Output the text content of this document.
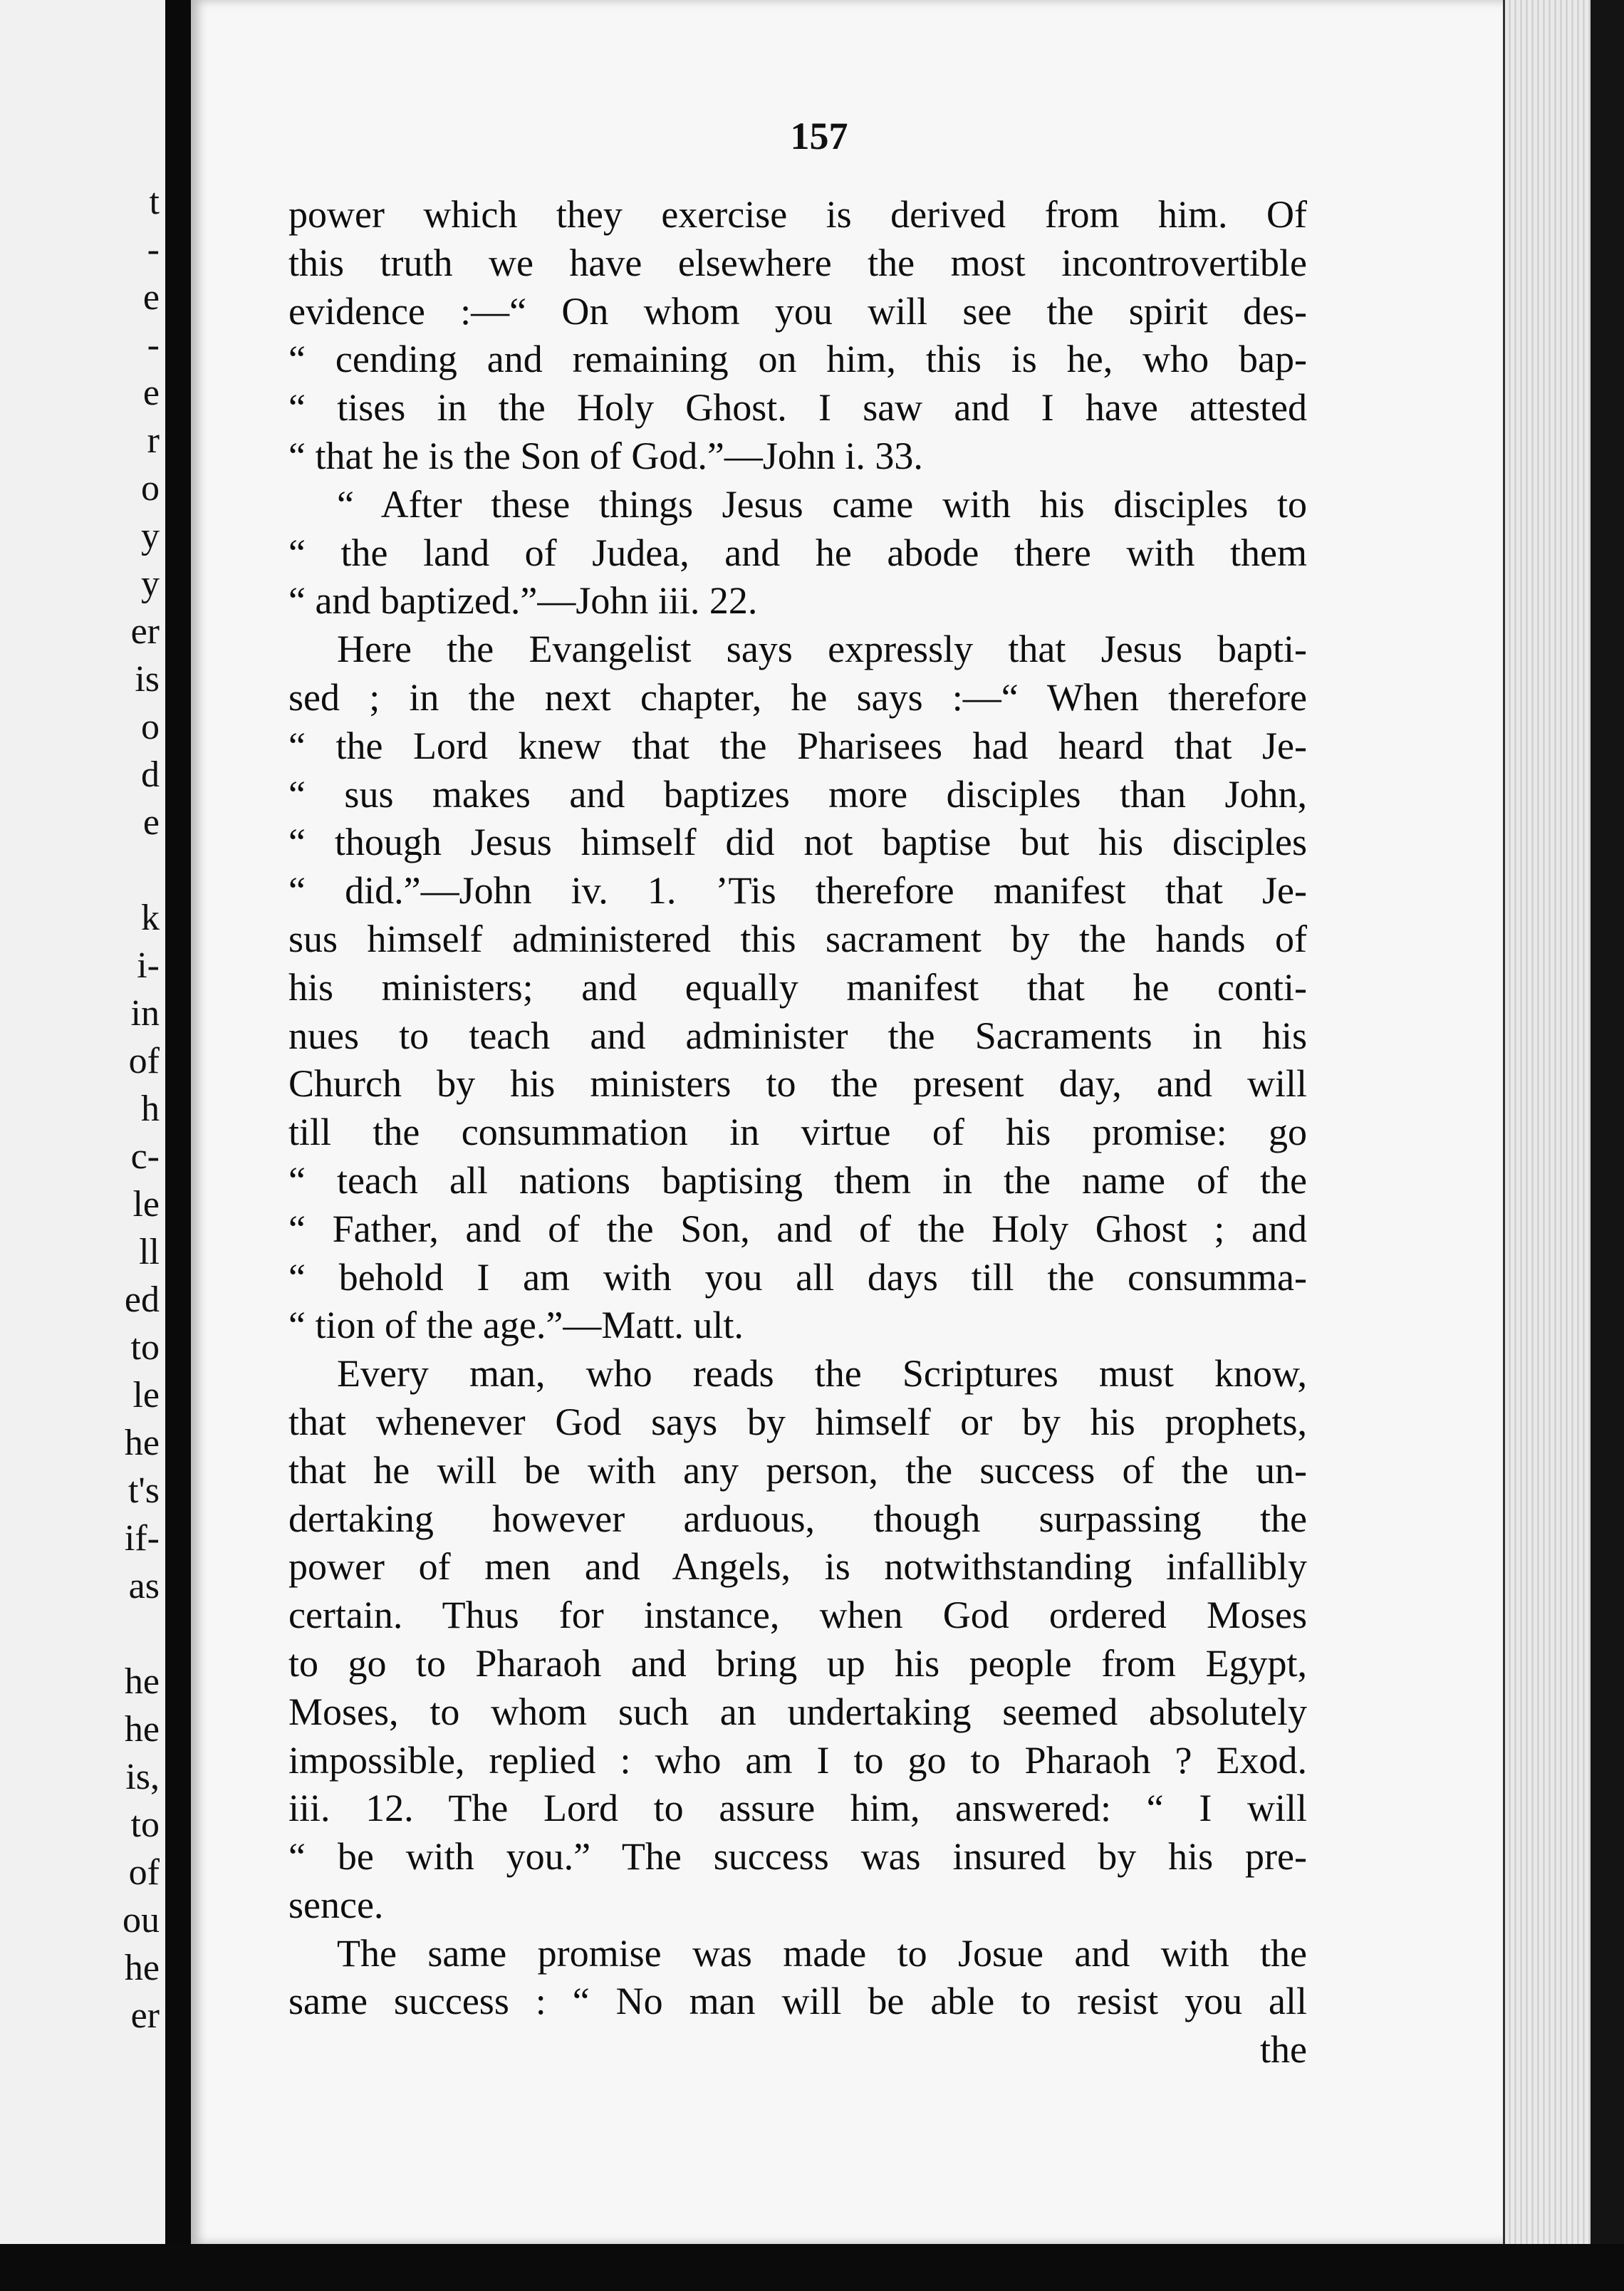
t
-
e
-
e
r
o
y
y
er
is
o
d
e
k
i-
in
of
h
c-
le
ll
ed
to
le
he
t's
if-
as
he
he
is,
to
of
ou
he
er
157
power which they exercise is derived from him. Of
this truth we have elsewhere the most incontrovertible
evidence :—“ On whom you will see the spirit des-
“ cending and remaining on him, this is he, who bap-
“ tises in the Holy Ghost. I saw and I have attested
“ that he is the Son of God.”—John i. 33.
“ After these things Jesus came with his disciples to
“ the land of Judea, and he abode there with them
“ and baptized.”—John iii. 22.
Here the Evangelist says expressly that Jesus bapti-
sed ; in the next chapter, he says :—“ When therefore
“ the Lord knew that the Pharisees had heard that Je-
“ sus makes and baptizes more disciples than John,
“ though Jesus himself did not baptise but his disciples
“ did.”—John iv. 1. ’Tis therefore manifest that Je-
sus himself administered this sacrament by the hands of
his ministers; and equally manifest that he conti-
nues to teach and administer the Sacraments in his
Church by his ministers to the present day, and will
till the consummation in virtue of his promise: go
“ teach all nations baptising them in the name of the
“ Father, and of the Son, and of the Holy Ghost ; and
“ behold I am with you all days till the consumma-
“ tion of the age.”—Matt. ult.
Every man, who reads the Scriptures must know,
that whenever God says by himself or by his prophets,
that he will be with any person, the success of the un-
dertaking however arduous, though surpassing the
power of men and Angels, is notwithstanding infallibly
certain. Thus for instance, when God ordered Moses
to go to Pharaoh and bring up his people from Egypt,
Moses, to whom such an undertaking seemed absolutely
impossible, replied : who am I to go to Pharaoh ? Exod.
iii. 12. The Lord to assure him, answered: “ I will
“ be with you.” The success was insured by his pre-
sence.
The same promise was made to Josue and with the
same success : “ No man will be able to resist you all
the
